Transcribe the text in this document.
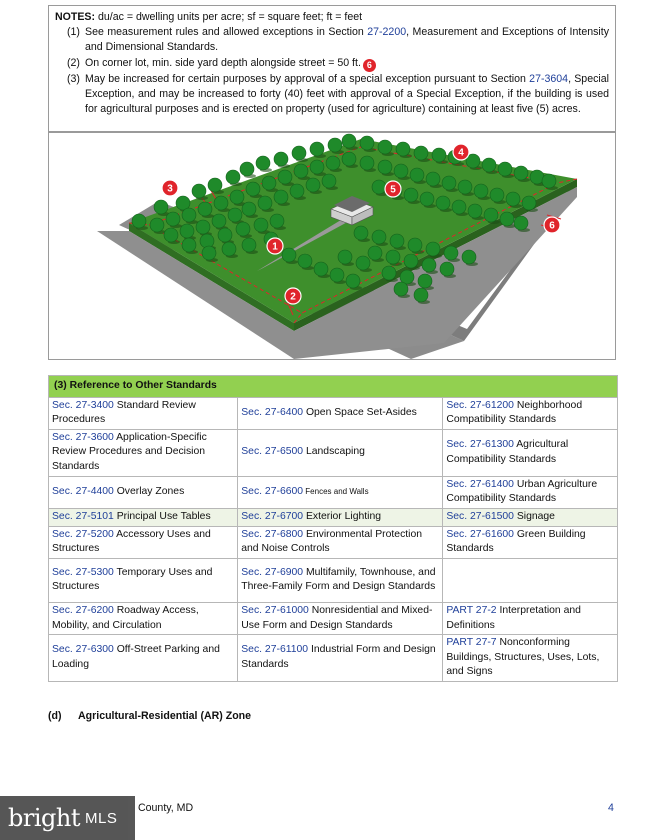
NOTES: du/ac = dwelling units per acre; sf = square feet; ft = feet
(1) See measurement rules and allowed exceptions in Section 27-2200, Measurement and Exceptions of Intensity and Dimensional Standards.
(2) On corner lot, min. side yard depth alongside street = 50 ft. 6
(3) May be increased for certain purposes by approval of a special exception pursuant to Section 27-3604, Special Exception, and may be increased to forty (40) feet with approval of a Special Exception, if the building is used for agricultural purposes and is erected on property (used for agriculture) containing at least five (5) acres.
1
2
3
4
5
6
(3) Reference to Other Standards		
Sec. 27-3400 Standard Review Procedures	Sec. 27-6400 Open Space Set-Asides	Sec. 27-61200 Neighborhood Compatibility Standards
Sec. 27-3600 Application-Specific Review Procedures and Decision Standards	Sec. 27-6500 Landscaping	Sec. 27-61300 Agricultural Compatibility Standards
Sec. 27-4400 Overlay Zones	Sec. 27-6600 Fences and Walls	Sec. 27-61400 Urban Agriculture Compatibility Standards
Sec. 27-5101 Principal Use Tables	Sec. 27-6700 Exterior Lighting	Sec. 27-61500 Signage
Sec. 27-5200 Accessory Uses and Structures	Sec. 27-6800 Environmental Protection and Noise Controls	Sec. 27-61600 Green Building Standards
Sec. 27-5300 Temporary Uses and Structures	Sec. 27-6900 Multifamily, Townhouse, and Three-Family Form and Design Standards	
Sec. 27-6200 Roadway Access, Mobility, and Circulation	Sec. 27-61000 Nonresidential and Mixed-Use Form and Design Standards	PART 27-2 Interpretation and Definitions
Sec. 27-6300 Off-Street Parking and Loading	Sec. 27-61100 Industrial Form and Design Standards	PART 27-7 Nonconforming Buildings, Structures, Uses, Lots, and Signs
(d) Agricultural-Residential (AR) Zone
County, MD	4
bright MLS
